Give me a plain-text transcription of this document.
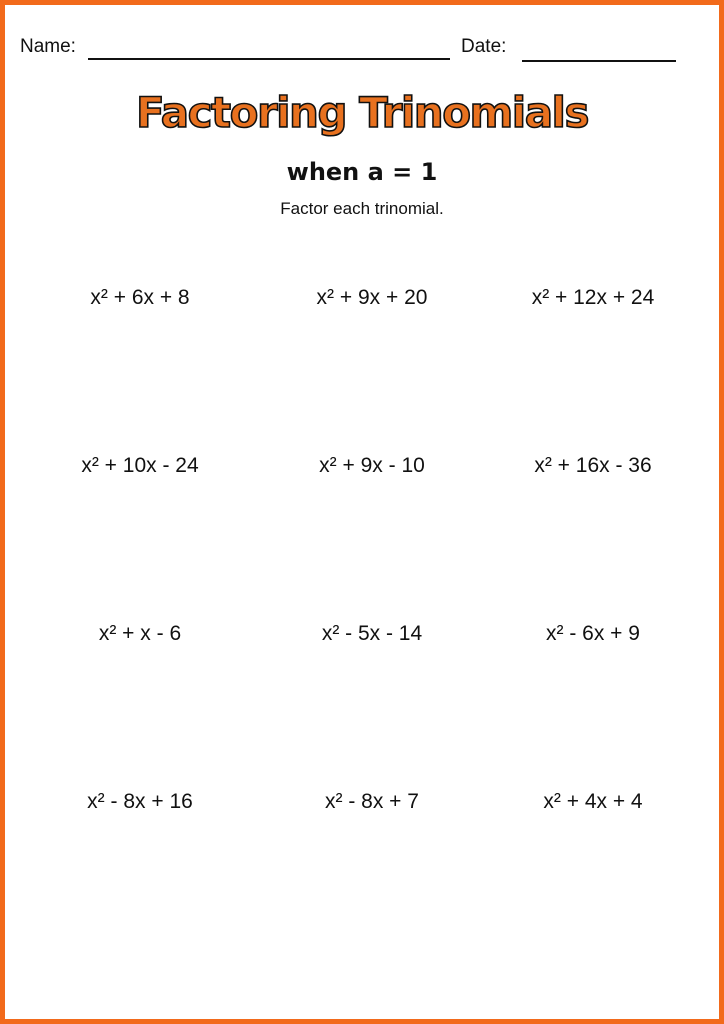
Name:	Date:
Factoring Trinomials
when a = 1
Factor each trinomial.
x² + 6x + 8	x² + 9x + 20	x² + 12x + 24
x² + 10x - 24	x² + 9x - 10	x² + 16x - 36
x² + x - 6	x² - 5x - 14	x² - 6x + 9
x² - 8x + 16	x² - 8x + 7	x² + 4x + 4
